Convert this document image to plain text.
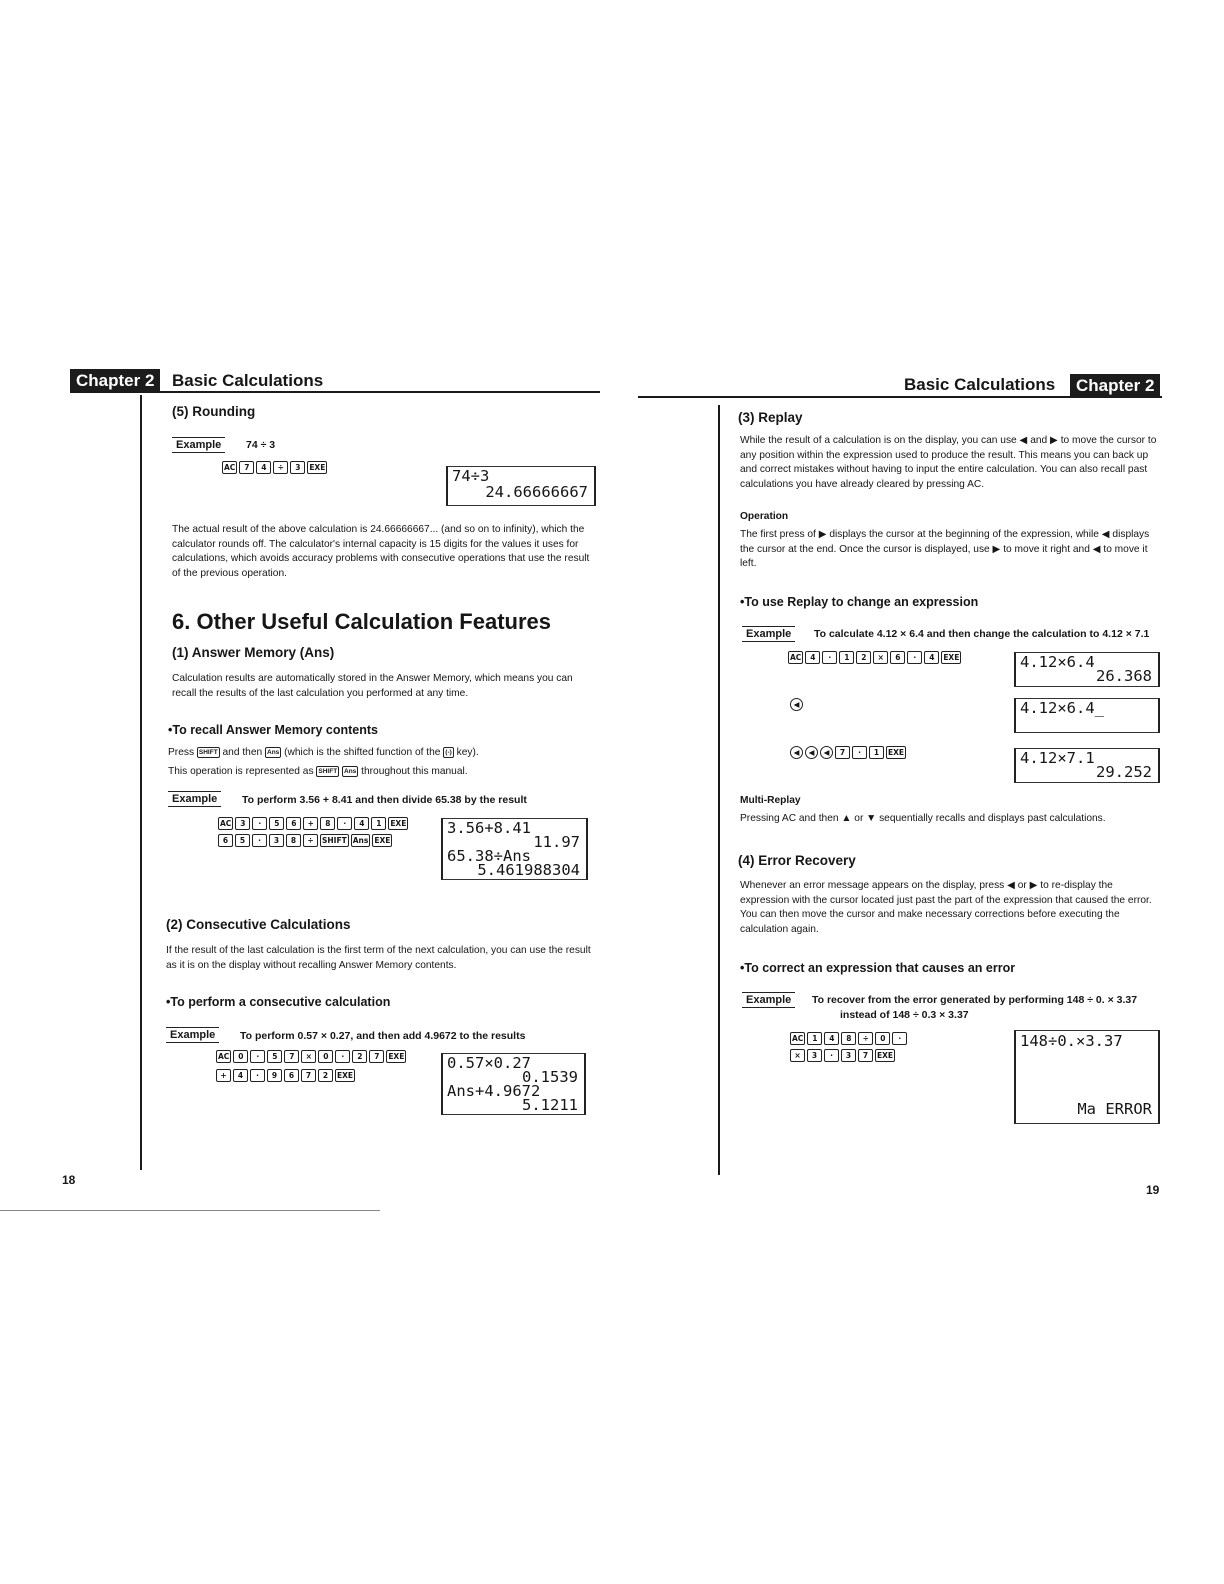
Chapter 2	Basic Calculations
(5) Rounding
Example	74 ÷ 3
AC	7	4	÷	3	EXE	74÷3
24.66666667
The actual result of the above calculation is 24.66666667... (and so on to infinity), which the calculator rounds off. The calculator's internal capacity is 15 digits for the values it uses for calculations, which avoids accuracy problems with consecutive operations that use the result of the previous operation.
6. Other Useful Calculation Features
(1) Answer Memory (Ans)
Calculation results are automatically stored in the Answer Memory, which means you can recall the results of the last calculation you performed at any time.
•To recall Answer Memory contents
Press SHIFT and then Ans (which is the shifted function of the (-) key).
This operation is represented as SHIFT Ans throughout this manual.
Example	To perform 3.56 + 8.41 and then divide 65.38 by the result
AC	3	·	5	6	+	8	·	4	1	EXE
6	5	·	3	8	÷	SHIFT Ans EXE
3.56+8.41
11.97
65.38÷Ans
5.461988304
(2) Consecutive Calculations
If the result of the last calculation is the first term of the next calculation, you can use the result as it is on the display without recalling Answer Memory contents.
•To perform a consecutive calculation
Example	To perform 0.57 × 0.27, and then add 4.9672 to the results
AC	0	·	5	7	×	0	·	2	7	EXE
+	4	·	9	6	7	2	EXE
0.57×0.27
0.1539
Ans+4.9672
5.1211
18
Basic Calculations	Chapter 2
(3) Replay
While the result of a calculation is on the display, you can use ◀ and ▶ to move the cursor to any position within the expression used to produce the result. This means you can back up and correct mistakes without having to input the entire calculation. You can also recall past calculations you have already cleared by pressing AC.
Operation
The first press of ▶ displays the cursor at the beginning of the expression, while ◀ displays the cursor at the end. Once the cursor is displayed, use ▶ to move it right and ◀ to move it left.
•To use Replay to change an expression
Example	To calculate 4.12 × 6.4 and then change the calculation to 4.12 × 7.1
AC	4	·	1	2	×	6	·	4	EXE	4.12×6.4
26.368
◀	4.12×6.4_
◀	◀	◀	7	·	1	EXE	4.12×7.1
29.252
Multi-Replay
Pressing AC and then ▲ or ▼ sequentially recalls and displays past calculations.
(4) Error Recovery
Whenever an error message appears on the display, press ◀ or ▶ to re-display the expression with the cursor located just past the part of the expression that caused the error. You can then move the cursor and make necessary corrections before executing the calculation again.
•To correct an expression that causes an error
Example	To recover from the error generated by performing 148 ÷ 0. × 3.37
instead of 148 ÷ 0.3 × 3.37
AC	1	4	8	÷	0	·
×	3	·	3	7	EXE
148÷0.×3.37
Ma ERROR
19
